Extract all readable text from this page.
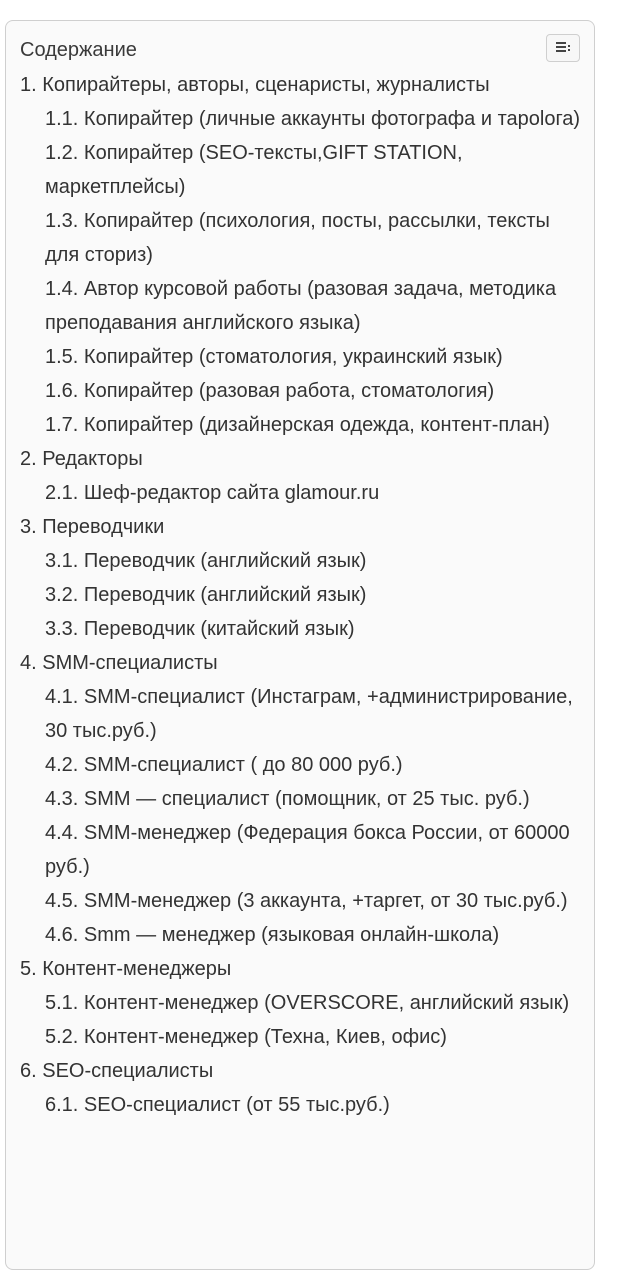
Содержание
1. Копирайтеры, авторы, сценаристы, журналисты
1.1. Копирайтер (личные аккаунты фотографа и тарolога)
1.2. Копирайтер (SEO-тексты,GIFT STATION, маркетплейсы)
1.3. Копирайтер (психология, посты, рассылки, тексты для сториз)
1.4. Автор курсовой работы (разовая задача, методика преподавания английского языка)
1.5. Копирайтер (стоматология, украинский язык)
1.6. Копирайтер (разовая работа, стоматология)
1.7. Копирайтер (дизайнерская одежда, контент-план)
2. Редакторы
2.1. Шеф-редактор сайта glamour.ru
3. Переводчики
3.1. Переводчик (английский язык)
3.2. Переводчик (английский язык)
3.3. Переводчик (китайский язык)
4. SMM-специалисты
4.1. SMM-специалист (Инстаграм, +администрирование, 30 тыс.руб.)
4.2. SMM-специалист ( до 80 000 руб.)
4.3. SMM — специалист (помощник, от 25 тыс. руб.)
4.4. SMM-менеджер (Федерация бокса России, от 60000 руб.)
4.5. SMM-менеджер (3 аккаунта, +таргет, от 30 тыс.руб.)
4.6. Smm — менеджер (языковая онлайн-школа)
5. Контент-менеджеры
5.1. Контент-менеджер (OVERSCORE, английский язык)
5.2. Контент-менеджер (Техна, Киев, офис)
6. SEO-специалисты
6.1. SEO-специалист (от 55 тыс.руб.)
